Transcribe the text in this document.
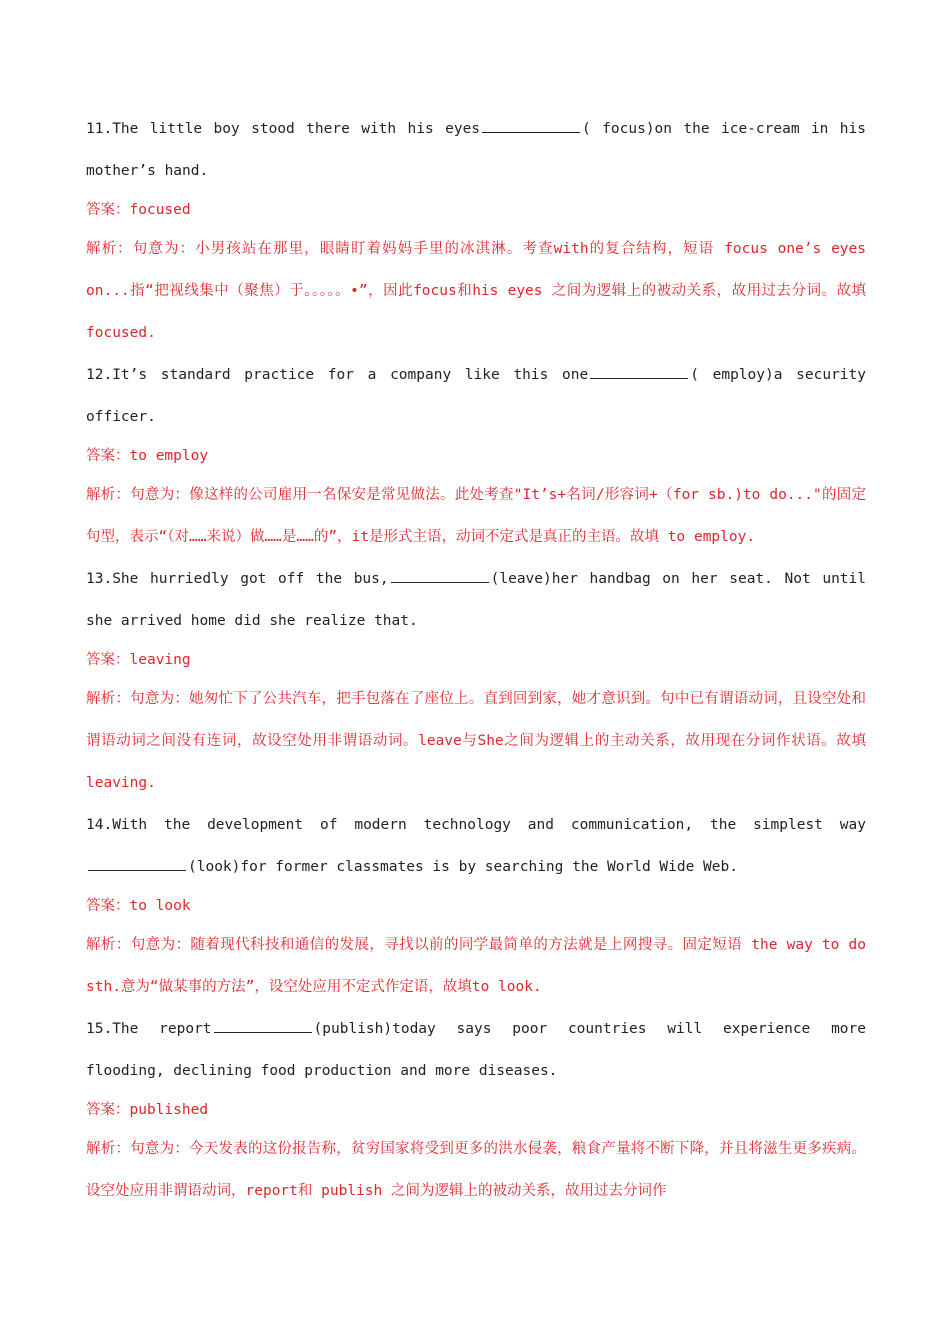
11.The little boy stood there with his eyes	( focus)on the ice-cream in his mother’s hand.
答案：focused
解析：句意为：小男孩站在那里，眼睛盯着妈妈手里的冰淇淋。考查with的复合结构，短语 focus one’s eyes on...指“把视线集中（聚焦）于。。。。。•”，因此focus和his eyes 之间为逻辑上的被动关系，故用过去分词。故填focused.
12.It’s standard practice for a company like this one	( employ)a security officer.
答案：to employ
解析：句意为：像这样的公司雇用一名保安是常见做法。此处考查"It’s+名词/形容词+（for sb.)to do..."的固定句型，表示“（对……来说）做……是……的”，it是形式主语，动词不定式是真正的主语。故填 to employ.
13.She hurriedly got off the bus,	(leave)her handbag on her seat. Not until she arrived home did she realize that.
答案：leaving
解析：句意为：她匆忙下了公共汽车，把手包落在了座位上。直到回到家，她才意识到。句中已有谓语动词，且设空处和谓语动词之间没有连词，故设空处用非谓语动词。leave与She之间为逻辑上的主动关系，故用现在分词作状语。故填 leaving.
14.With the development of modern technology and communication, the simplest way(look)for former classmates is by searching the World Wide Web.
答案：to look
解析：句意为：随着现代科技和通信的发展，寻找以前的同学最简单的方法就是上网搜寻。固定短语 the way to do sth.意为“做某事的方法”，设空处应用不定式作定语，故填to look.
15.The report	(publish)today says poor countries will experience more flooding, declining food production and more diseases.
答案：published
解析：句意为：今天发表的这份报告称，贫穷国家将受到更多的洪水侵袭，粮食产量将不断下降，并且将滋生更多疾病。设空处应用非谓语动词，report和 publish 之间为逻辑上的被动关系，故用过去分词作
